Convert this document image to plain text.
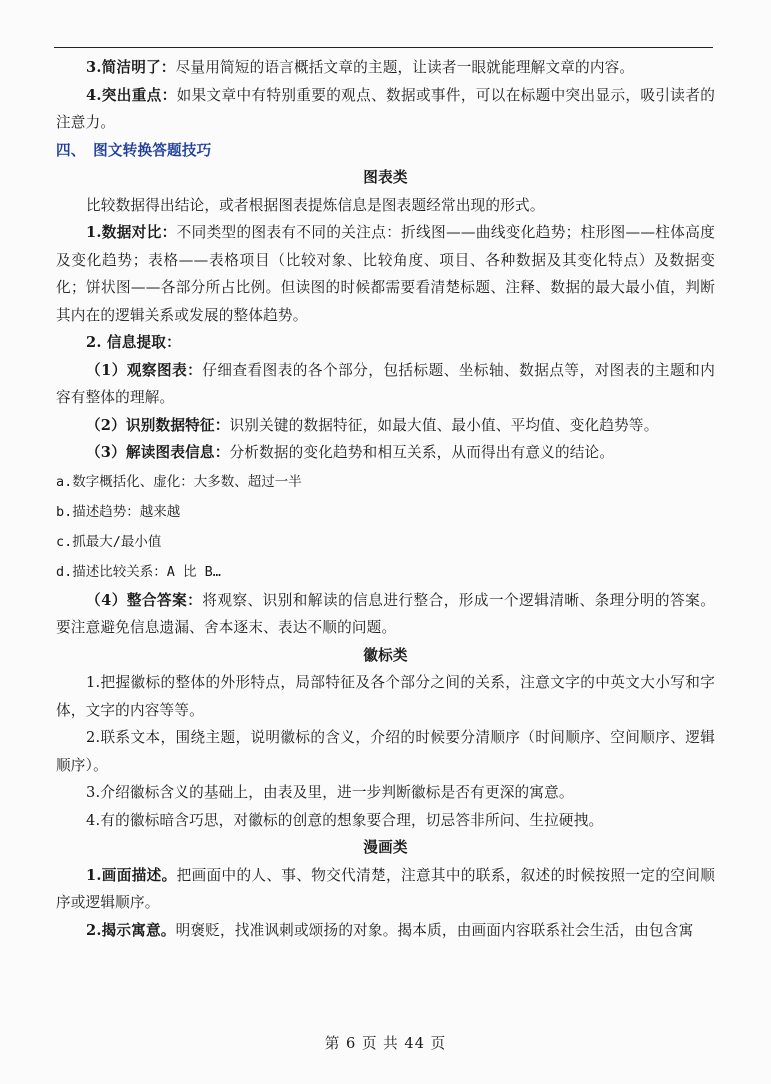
3.简洁明了：尽量用简短的语言概括文章的主题，让读者一眼就能理解文章的内容。

4.突出重点：如果文章中有特别重要的观点、数据或事件，可以在标题中突出显示，吸引读者的注意力。

四、　图文转换答题技巧

图表类

比较数据得出结论，或者根据图表提炼信息是图表题经常出现的形式。

1.数据对比：不同类型的图表有不同的关注点：折线图——曲线变化趋势；柱形图——柱体高度及变化趋势；表格——表格项目（比较对象、比较角度、项目、各种数据及其变化特点）及数据变化；饼状图——各部分所占比例。但读图的时候都需要看清楚标题、注释、数据的最大最小值，判断其内在的逻辑关系或发展的整体趋势。

2. 信息提取：

（1）观察图表：仔细查看图表的各个部分，包括标题、坐标轴、数据点等，对图表的主题和内容有整体的理解。

（2）识别数据特征：识别关键的数据特征，如最大值、最小值、平均值、变化趋势等。

（3）解读图表信息：分析数据的变化趋势和相互关系，从而得出有意义的结论。

a.数字概括化、虚化：大多数、超过一半

b.描述趋势：越来越

c.抓最大/最小值

d.描述比较关系：A 比 B…

（4）整合答案：将观察、识别和解读的信息进行整合，形成一个逻辑清晰、条理分明的答案。要注意避免信息遗漏、舍本逐末、表达不顺的问题。

徽标类

1.把握徽标的整体的外形特点，局部特征及各个部分之间的关系，注意文字的中英文大小写和字体，文字的内容等等。

2.联系文本，围绕主题，说明徽标的含义，介绍的时候要分清顺序（时间顺序、空间顺序、逻辑顺序）。

3.介绍徽标含义的基础上，由表及里，进一步判断徽标是否有更深的寓意。

4.有的徽标暗含巧思，对徽标的创意的想象要合理，切忌答非所问、生拉硬拽。

漫画类

1.画面描述。把画面中的人、事、物交代清楚，注意其中的联系，叙述的时候按照一定的空间顺序或逻辑顺序。

2.揭示寓意。明褒贬，找准讽刺或颂扬的对象。揭本质，由画面内容联系社会生活，由包含寓

第 6 页 共 44 页
